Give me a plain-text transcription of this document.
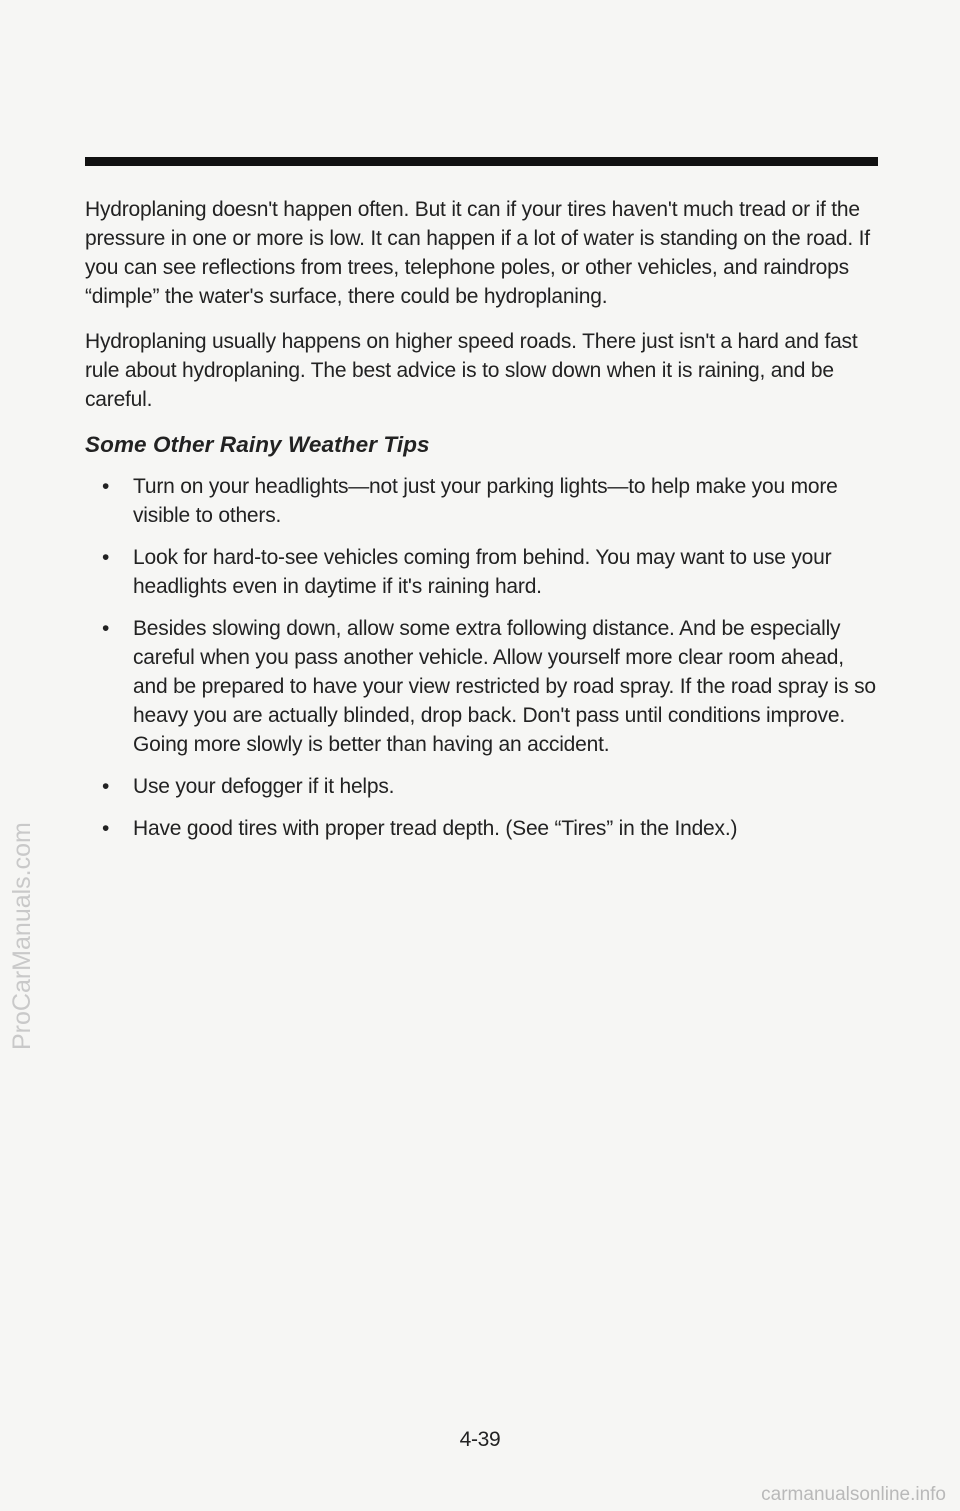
Hydroplaning doesn't happen often. But it can if your tires haven't much tread or if the pressure in one or more is low. It can happen if a lot of water is standing on the road. If you can see reflections from trees, telephone poles, or other vehicles, and raindrops “dimple” the water's surface, there could be hydroplaning.

Hydroplaning usually happens on higher speed roads. There just isn't a hard and fast rule about hydroplaning. The best advice is to slow down when it is raining, and be careful.

Some Other Rainy Weather Tips
• Turn on your headlights—not just your parking lights—to help make you more visible to others.
• Look for hard-to-see vehicles coming from behind. You may want to use your headlights even in daytime if it's raining hard.
• Besides slowing down, allow some extra following distance. And be especially careful when you pass another vehicle. Allow yourself more clear room ahead, and be prepared to have your view restricted by road spray. If the road spray is so heavy you are actually blinded, drop back. Don't pass until conditions improve. Going more slowly is better than having an accident.
• Use your defogger if it helps.
• Have good tires with proper tread depth. (See “Tires” in the Index.)
4-39
ProCarManuals.com
carmanualsonline.info
